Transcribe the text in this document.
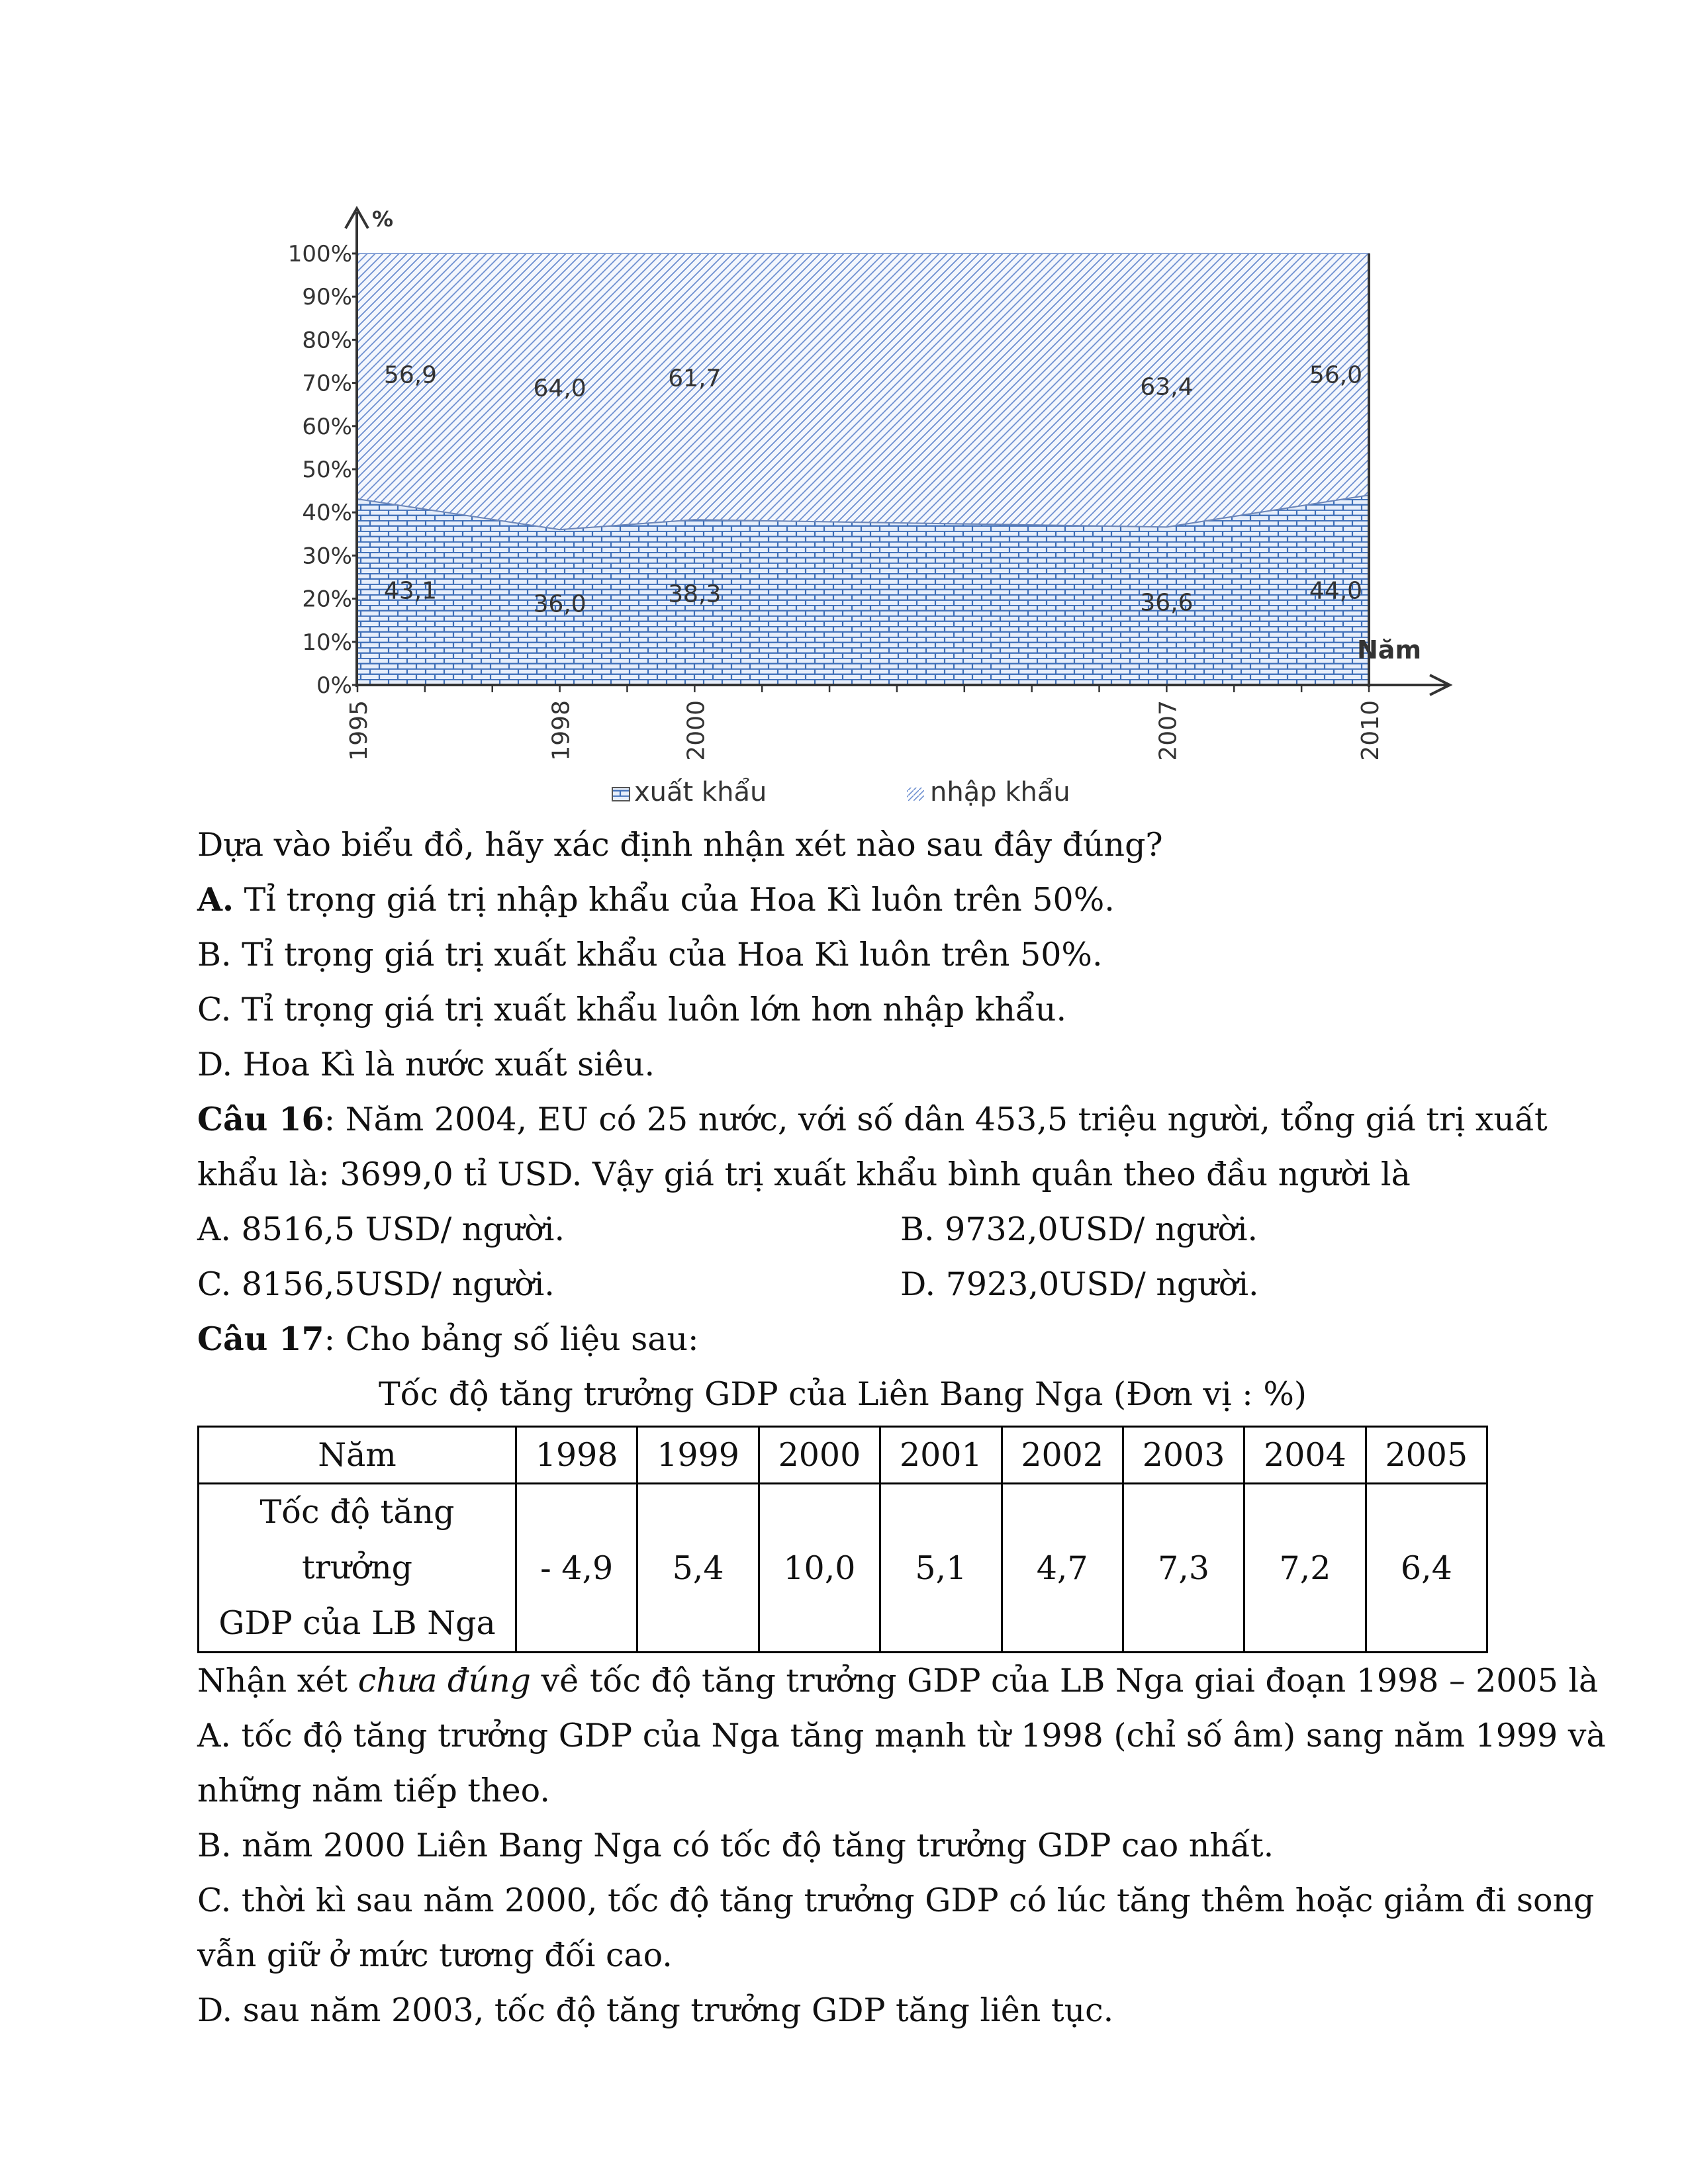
%
Năm
0%
10%
20%
30%
40%
50%
60%
70%
80%
90%
100%
1995	1998	2000	2007	2010
56,9
43,1
64,0
36,0
61,7
38,3
63,4
36,6
56,0
44,0
xuất khẩu	nhập khẩu

Dựa vào biểu đồ, hãy xác định nhận xét nào sau đây đúng?

A. Tỉ trọng giá trị nhập khẩu của Hoa Kì luôn trên 50%.

B. Tỉ trọng giá trị xuất khẩu của Hoa Kì luôn trên 50%.

C. Tỉ trọng giá trị xuất khẩu luôn lớn hơn nhập khẩu.

D. Hoa Kì là nước xuất siêu.

Câu 16: Năm 2004, EU có 25 nước, với số dân 453,5 triệu người, tổng giá trị xuất

khẩu là: 3699,0 tỉ USD. Vậy giá trị xuất khẩu bình quân theo đầu người là

A. 8516,5 USD/ người.	B. 9732,0USD/ người.
C. 8156,5USD/ người.	D. 7923,0USD/ người.

Câu 17: Cho bảng số liệu sau:

Tốc độ tăng trưởng GDP của Liên Bang Nga (Đơn vị : %)

Năm	1998	1999	2000	2001	2002	2003	2004	2005

Tốc độ tăng trưởng
GDP của LB Nga	- 4,9	5,4	10,0	5,1	4,7	7,3	7,2	6,4

Nhận xét chưa đúng về tốc độ tăng trưởng GDP của LB Nga giai đoạn 1998 – 2005 là

A. tốc độ tăng trưởng GDP của Nga tăng mạnh từ 1998 (chỉ số âm) sang năm 1999 và

những năm tiếp theo.

B. năm 2000 Liên Bang Nga có tốc độ tăng trưởng GDP cao nhất.

C. thời kì sau năm 2000, tốc độ tăng trưởng GDP có lúc tăng thêm hoặc giảm đi song

vẫn giữ ở mức tương đối cao.

D. sau năm 2003, tốc độ tăng trưởng GDP tăng liên tục.
